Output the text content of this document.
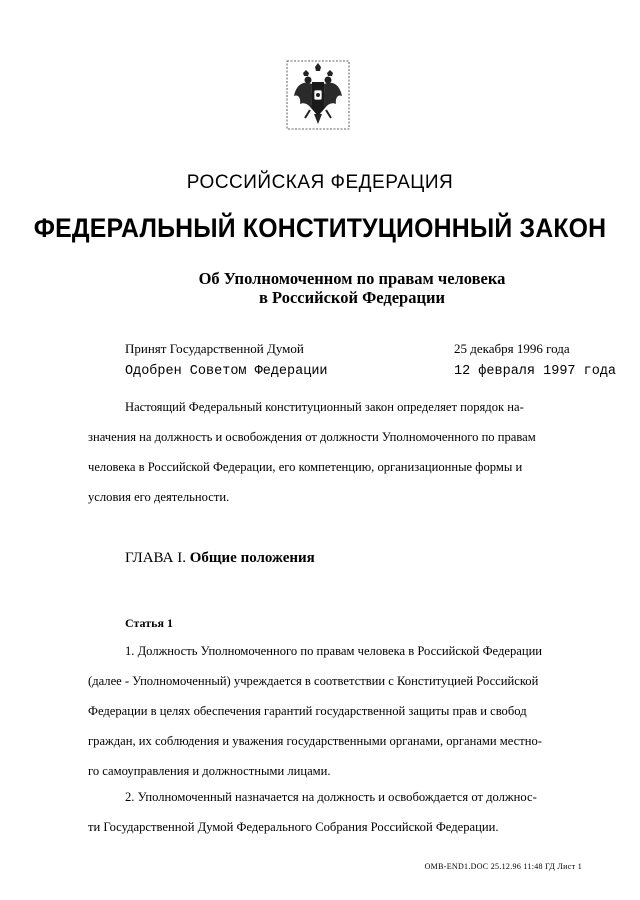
РОССИЙСКАЯ ФЕДЕРАЦИЯ
ФЕДЕРАЛЬНЫЙ КОНСТИТУЦИОННЫЙ ЗАКОН
Об Уполномоченном по правам человека
в Российской Федерации
Принят Государственной Думой	25 декабря 1996 года
Одобрен Советом Федерации	12 февраля 1997 года
Настоящий Федеральный конституционный закон определяет порядок на-
значения на должность и освобождения от должности Уполномоченного по правам
человека в Российской Федерации, его компетенцию, организационные формы и
условия его деятельности.
ГЛАВА I. Общие положения
Статья 1
1. Должность Уполномоченного по правам человека в Российской Федерации
(далее - Уполномоченный) учреждается в соответствии с Конституцией Российской
Федерации в целях обеспечения гарантий государственной защиты прав и свобод
граждан, их соблюдения и уважения государственными органами, органами местно-
го самоуправления и должностными лицами.
2. Уполномоченный назначается на должность и освобождается от должнос-
ти Государственной Думой Федерального Собрания Российской Федерации.
OMB-END1.DOC 25.12.96 11:48 ГД Лист 1
